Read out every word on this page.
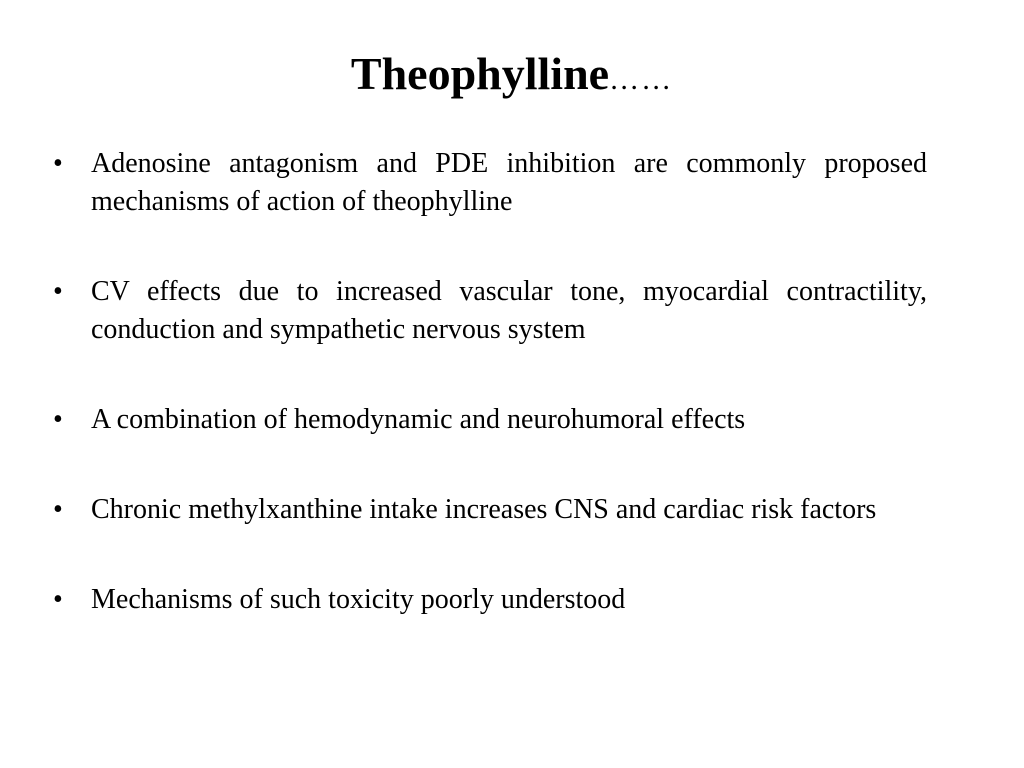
Theophylline……
• Adenosine antagonism and PDE inhibition are commonly proposed mechanisms of action of theophylline
• CV effects due to increased vascular tone, myocardial contractility, conduction and sympathetic nervous system
• A combination of hemodynamic and neurohumoral effects
• Chronic methylxanthine intake increases CNS and cardiac risk factors
• Mechanisms of such toxicity poorly understood
